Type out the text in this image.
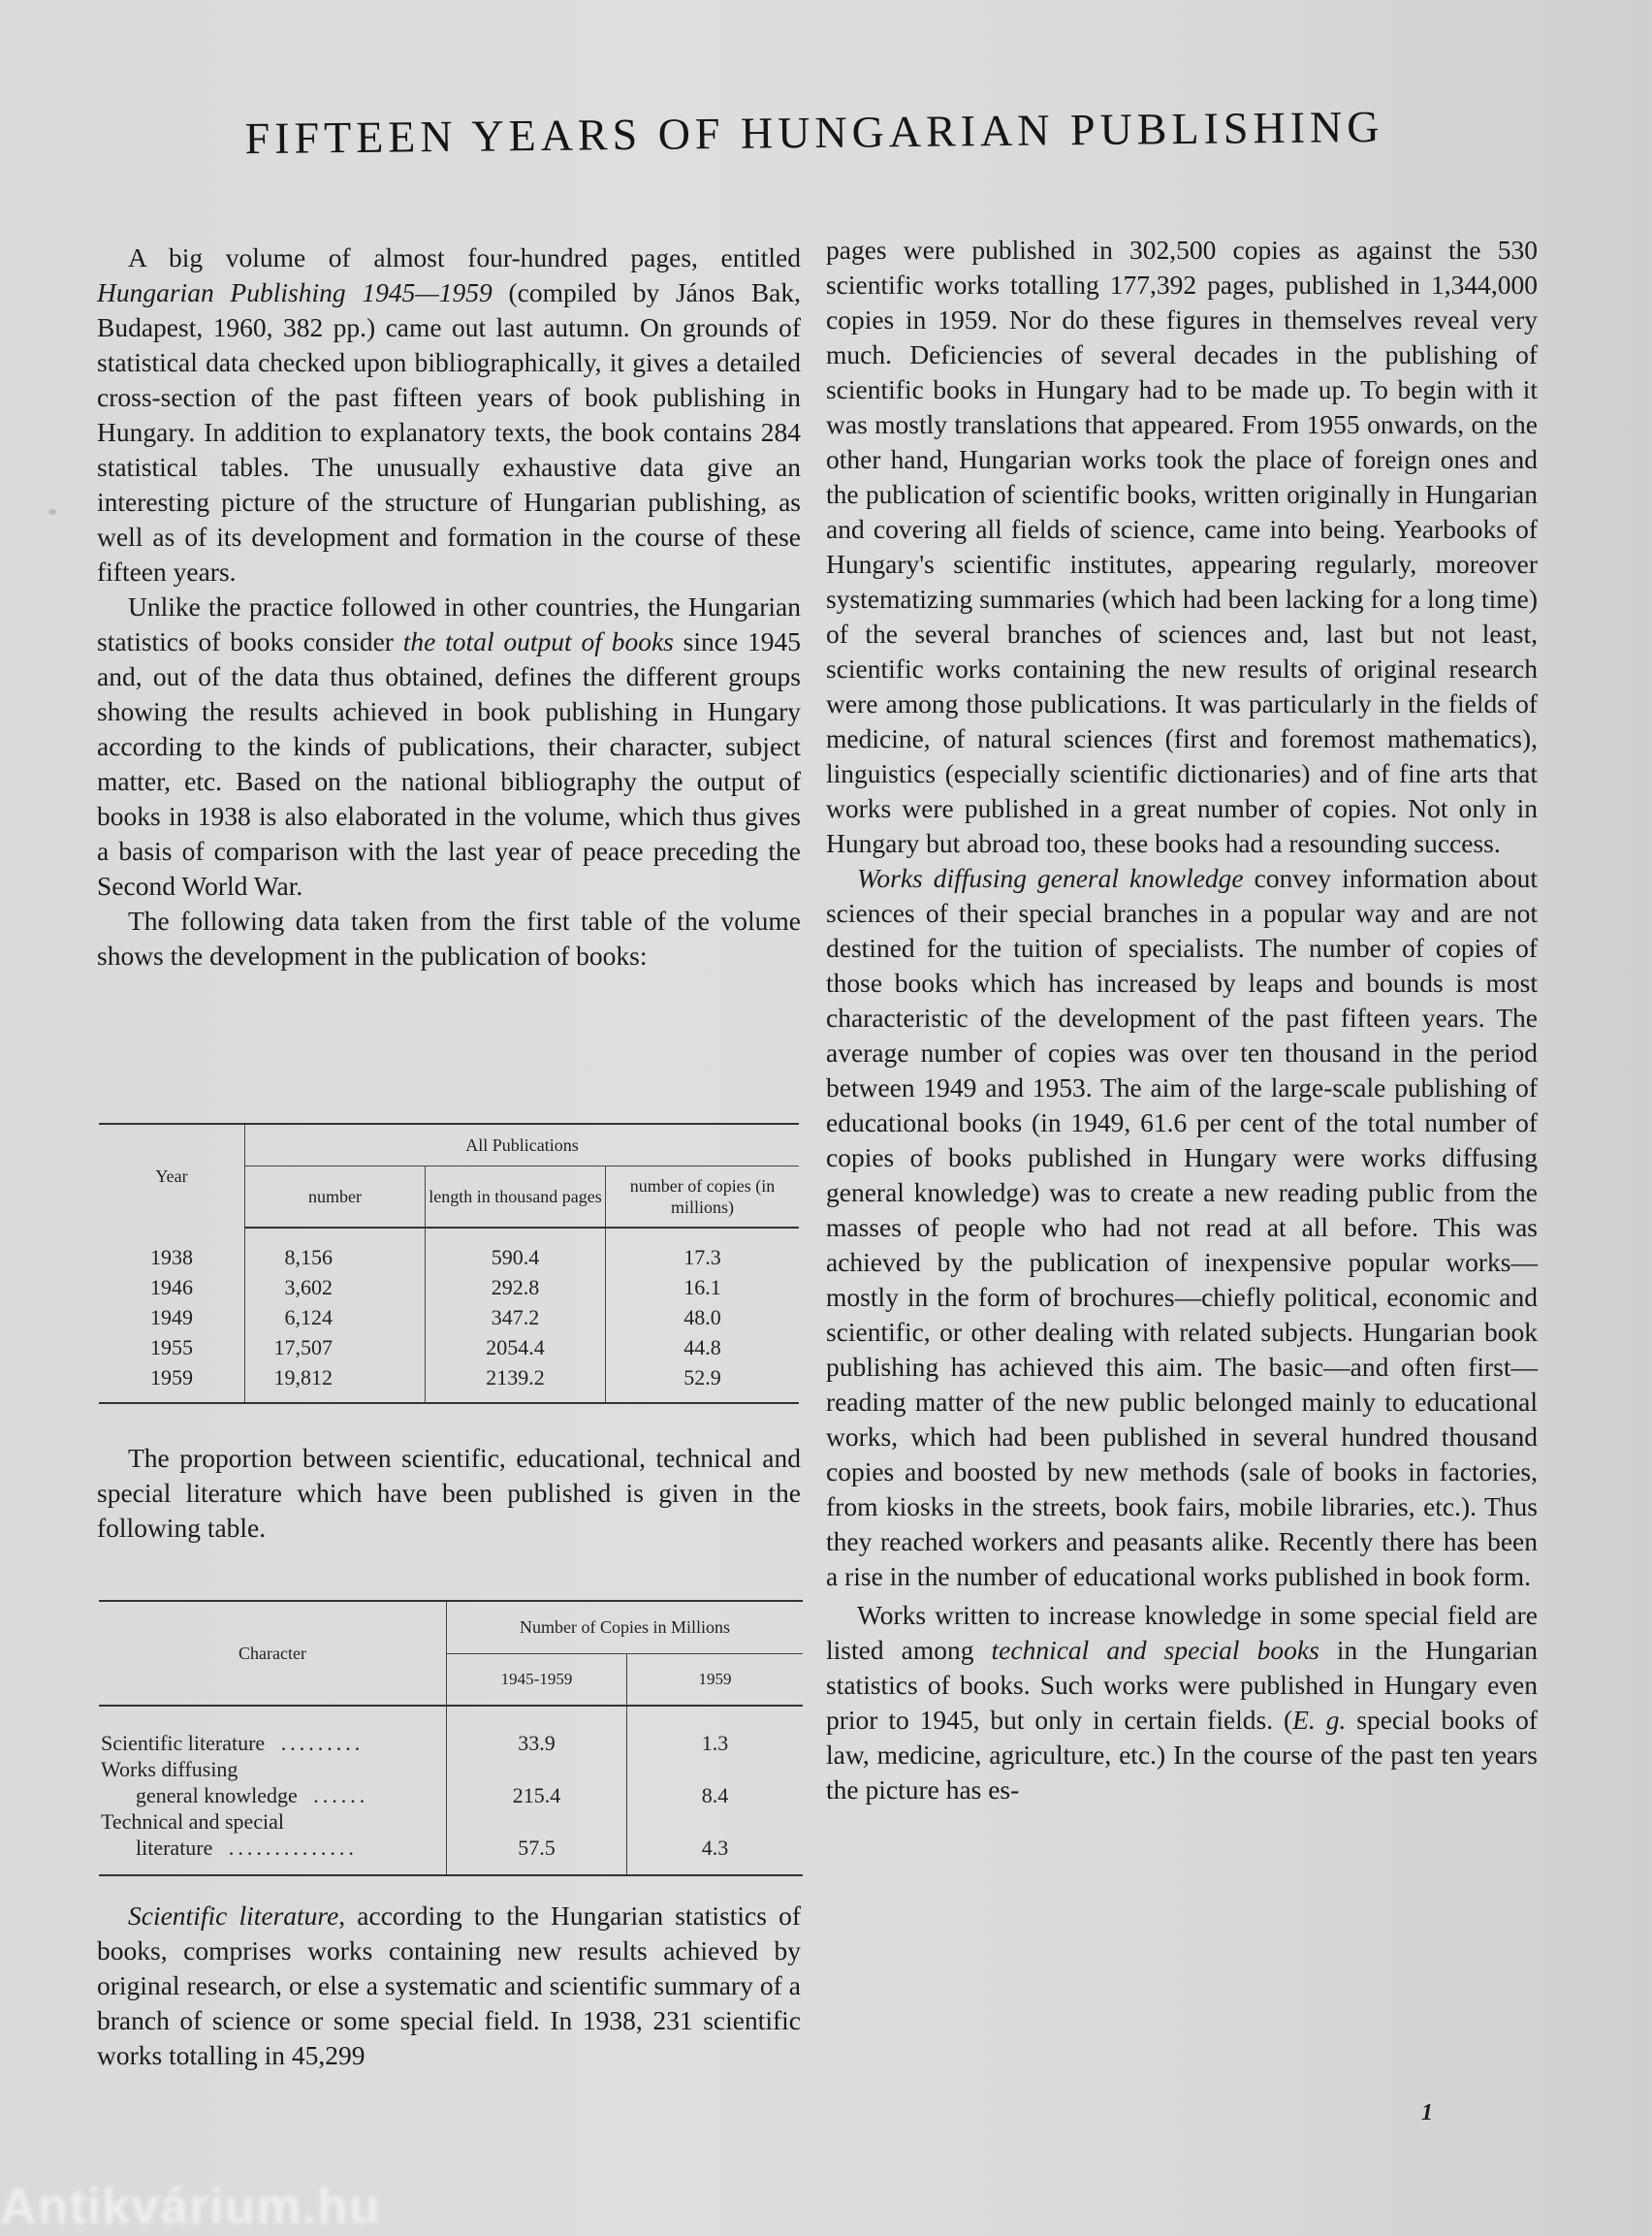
FIFTEEN YEARS OF HUNGARIAN PUBLISHING

A big volume of almost four-hundred pages, entitled Hungarian Publishing 1945—1959 (compiled by János Bak, Budapest, 1960, 382 pp.) came out last autumn. On grounds of statistical data checked upon bibliographically, it gives a detailed cross-section of the past fifteen years of book publishing in Hungary. In addition to explanatory texts, the book contains 284 statistical tables. The unusually exhaustive data give an interesting picture of the structure of Hungarian publishing, as well as of its development and formation in the course of these fifteen years.

Unlike the practice followed in other countries, the Hungarian statistics of books consider the total output of books since 1945 and, out of the data thus obtained, defines the different groups showing the results achieved in book publishing in Hungary according to the kinds of publications, their character, subject matter, etc. Based on the national bibliography the output of books in 1938 is also elaborated in the volume, which thus gives a basis of comparison with the last year of peace preceding the Second World War.

The following data taken from the first table of the volume shows the development in the publication of books:

Year	All Publications		
	number	length in thousand pages	number of copies (in millions)
1938	8,156	590.4	17.3
1946	3,602	292.8	16.1
1949	6,124	347.2	48.0
1955	17,507	2054.4	44.8
1959	19,812	2139.2	52.9

The proportion between scientific, educational, technical and special literature which have been published is given in the following table.

Character	Number of Copies in Millions	
	1945-1959	1959
Scientific literature .........	33.9	1.3
Works diffusing
general knowledge ......	215.4	8.4
Technical and special
literature ..............	57.5	4.3

Scientific literature, according to the Hungarian statistics of books, comprises works containing new results achieved by original research, or else a systematic and scientific summary of a branch of science or some special field. In 1938, 231 scientific works totalling in 45,299

pages were published in 302,500 copies as against the 530 scientific works totalling 177,392 pages, published in 1,344,000 copies in 1959. Nor do these figures in themselves reveal very much. Deficiencies of several decades in the publishing of scientific books in Hungary had to be made up. To begin with it was mostly translations that appeared. From 1955 onwards, on the other hand, Hungarian works took the place of foreign ones and the publication of scientific books, written originally in Hungarian and covering all fields of science, came into being. Yearbooks of Hungary's scientific institutes, appearing regularly, moreover systematizing summaries (which had been lacking for a long time) of the several branches of sciences and, last but not least, scientific works containing the new results of original research were among those publications. It was particularly in the fields of medicine, of natural sciences (first and foremost mathematics), linguistics (especially scientific dictionaries) and of fine arts that works were published in a great number of copies. Not only in Hungary but abroad too, these books had a resounding success.

Works diffusing general knowledge convey information about sciences of their special branches in a popular way and are not destined for the tuition of specialists. The number of copies of those books which has increased by leaps and bounds is most characteristic of the development of the past fifteen years. The average number of copies was over ten thousand in the period between 1949 and 1953. The aim of the large-scale publishing of educational books (in 1949, 61.6 per cent of the total number of copies of books published in Hungary were works diffusing general knowledge) was to create a new reading public from the masses of people who had not read at all before. This was achieved by the publication of inexpensive popular works—mostly in the form of brochures—chiefly political, economic and scientific, or other dealing with related subjects. Hungarian book publishing has achieved this aim. The basic—and often first—reading matter of the new public belonged mainly to educational works, which had been published in several hundred thousand copies and boosted by new methods (sale of books in factories, from kiosks in the streets, book fairs, mobile libraries, etc.). Thus they reached workers and peasants alike. Recently there has been a rise in the number of educational works published in book form.

Works written to increase knowledge in some special field are listed among technical and special books in the Hungarian statistics of books. Such works were published in Hungary even prior to 1945, but only in certain fields. (E. g. special books of law, medicine, agriculture, etc.) In the course of the past ten years the picture has es-

1
Antikvárium.hu
